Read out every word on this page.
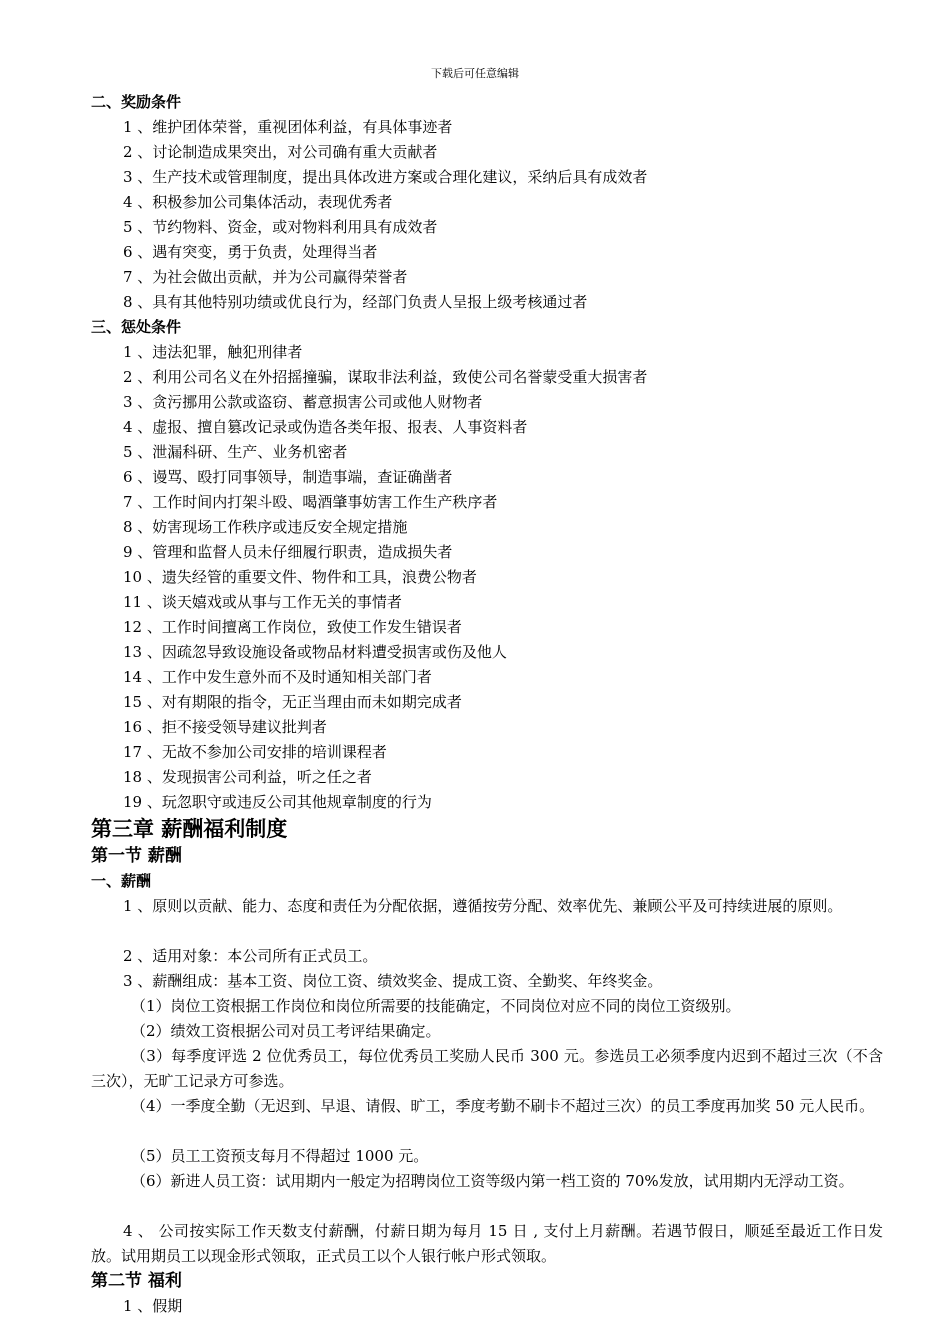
下载后可任意编辑
二、奖励条件
1 、维护团体荣誉，重视团体利益，有具体事迹者
2 、讨论制造成果突出，对公司确有重大贡献者
3 、生产技术或管理制度，提出具体改进方案或合理化建议，采纳后具有成效者
4 、积极参加公司集体活动，表现优秀者
5 、节约物料、资金，或对物料利用具有成效者
6 、遇有突变，勇于负责，处理得当者
7 、为社会做出贡献，并为公司赢得荣誉者
8 、具有其他特别功绩或优良行为，经部门负责人呈报上级考核通过者
三、惩处条件
1 、违法犯罪，触犯刑律者
2 、利用公司名义在外招摇撞骗，谋取非法利益，致使公司名誉蒙受重大损害者
3 、贪污挪用公款或盗窃、蓄意损害公司或他人财物者
4 、虚报、擅自篡改记录或伪造各类年报、报表、人事资料者
5 、泄漏科研、生产、业务机密者
6 、谩骂、殴打同事领导，制造事端，查证确凿者
7 、工作时间内打架斗殴、喝酒肇事妨害工作生产秩序者
8 、妨害现场工作秩序或违反安全规定措施
9 、管理和监督人员未仔细履行职责，造成损失者
10 、遗失经管的重要文件、物件和工具，浪费公物者
11 、谈天嬉戏或从事与工作无关的事情者
12 、工作时间擅离工作岗位，致使工作发生错误者
13 、因疏忽导致设施设备或物品材料遭受损害或伤及他人
14 、工作中发生意外而不及时通知相关部门者
15 、对有期限的指令，无正当理由而未如期完成者
16 、拒不接受领导建议批判者
17 、无故不参加公司安排的培训课程者
18 、发现损害公司利益，听之任之者
19 、玩忽职守或违反公司其他规章制度的行为
第三章 薪酬福利制度
第一节 薪酬
一、薪酬
1 、原则以贡献、能力、态度和责任为分配依据，遵循按劳分配、效率优先、兼顾公平及可持续进展的原则。
2 、适用对象：本公司所有正式员工。
3 、薪酬组成：基本工资、岗位工资、绩效奖金、提成工资、全勤奖、年终奖金。
（1）岗位工资根据工作岗位和岗位所需要的技能确定，不同岗位对应不同的岗位工资级别。
（2）绩效工资根据公司对员工考评结果确定。
（3）每季度评选 2 位优秀员工，每位优秀员工奖励人民币 300 元。参选员工必须季度内迟到不超过三次（不含三次），无旷工记录方可参选。
（4）一季度全勤（无迟到、早退、请假、旷工，季度考勤不刷卡不超过三次）的员工季度再加奖 50 元人民币。
（5）员工工资预支每月不得超过 1000 元。
（6）新进人员工资：试用期内一般定为招聘岗位工资等级内第一档工资的 70%发放，试用期内无浮动工资。
4 、 公司按实际工作天数支付薪酬，付薪日期为每月 15 日 , 支付上月薪酬。若遇节假日，顺延至最近工作日发放。试用期员工以现金形式领取，正式员工以个人银行帐户形式领取。
第二节 福利
1 、假期
